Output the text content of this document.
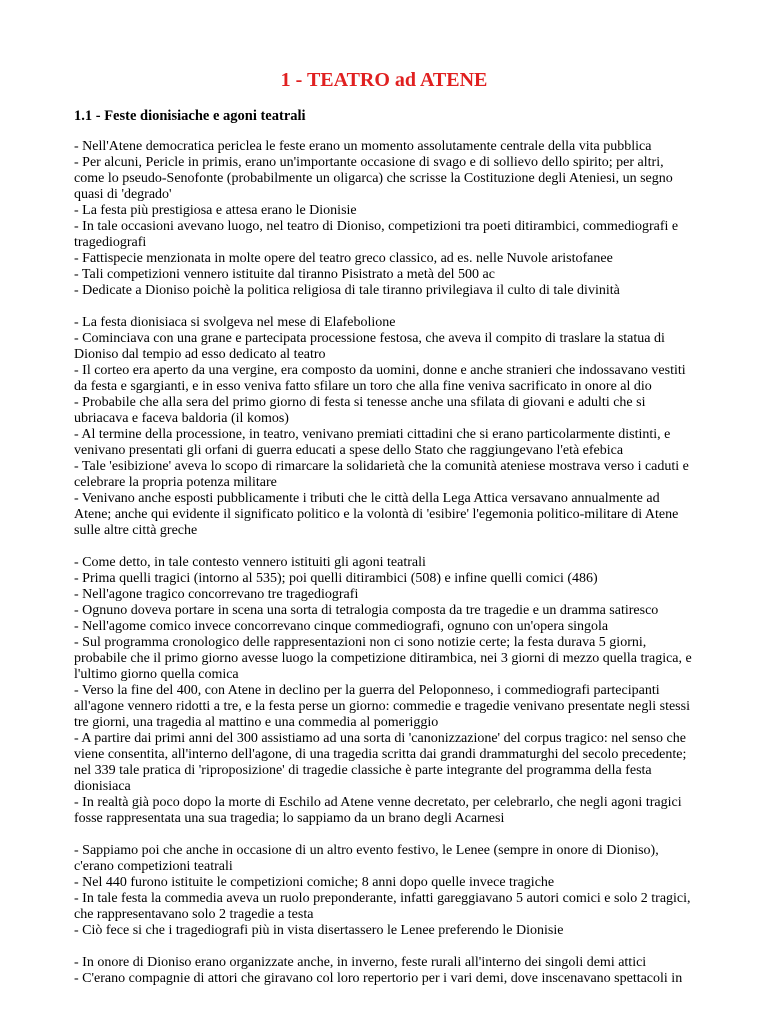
1 - TEATRO ad ATENE
1.1 - Feste dionisiache e agoni teatrali

- Nell'Atene democratica periclea le feste erano un momento assolutamente centrale della vita pubblica

- Per alcuni, Pericle in primis, erano un'importante occasione di svago e di sollievo dello spirito; per altri, come lo pseudo-Senofonte (probabilmente un oligarca) che scrisse la Costituzione degli Ateniesi, un segno quasi di 'degrado'

- La festa più prestigiosa e attesa erano le Dionisie

- In tale occasioni avevano luogo, nel teatro di Dioniso, competizioni tra poeti ditirambici, commediografi e tragediografi

- Fattispecie menzionata in molte opere del teatro greco classico, ad es. nelle Nuvole aristofanee

- Tali competizioni vennero istituite dal tiranno Pisistrato a metà del 500 ac

- Dedicate a Dioniso poichè la politica religiosa di tale tiranno privilegiava il culto di tale divinità

- La festa dionisiaca si svolgeva nel mese di Elafebolione

- Cominciava con una grane e partecipata processione festosa, che aveva il compito di traslare la statua di Dioniso dal tempio ad esso dedicato al teatro

- Il corteo era aperto da una vergine, era composto da uomini, donne e anche stranieri che indossavano vestiti da festa e sgargianti, e in esso veniva fatto sfilare un toro che alla fine veniva sacrificato in onore al dio

- Probabile che alla sera del primo giorno di festa si tenesse anche una sfilata di giovani e adulti che si ubriacava e faceva baldoria (il komos)

- Al termine della processione, in teatro, venivano premiati cittadini che si erano particolarmente distinti, e venivano presentati gli orfani di guerra educati a spese dello Stato che raggiungevano l'età efebica

- Tale 'esibizione' aveva lo scopo di rimarcare la solidarietà che la comunità ateniese mostrava verso i caduti e celebrare la propria potenza militare

- Venivano anche esposti pubblicamente i tributi che le città della Lega Attica versavano annualmente ad Atene; anche qui evidente il significato politico e la volontà di 'esibire' l'egemonia politico-militare di Atene sulle altre città greche

- Come detto, in tale contesto vennero istituiti gli agoni teatrali

- Prima quelli tragici (intorno al 535); poi quelli ditirambici (508) e infine quelli comici (486)

- Nell'agone tragico concorrevano tre tragediografi

- Ognuno doveva portare in scena una sorta di tetralogia composta da tre tragedie e un dramma satiresco

- Nell'agome comico invece concorrevano cinque commediografi, ognuno con un'opera singola

- Sul programma cronologico delle rappresentazioni non ci sono notizie certe; la festa durava 5 giorni, probabile che il primo giorno avesse luogo la competizione ditirambica, nei 3 giorni di mezzo quella tragica, e l'ultimo giorno quella comica

- Verso la fine del 400, con Atene in declino per la guerra del Peloponneso, i commediografi partecipanti all'agone vennero ridotti a tre, e la festa perse un giorno: commedie e tragedie venivano presentate negli stessi tre giorni, una tragedia al mattino e una commedia al pomeriggio

- A partire dai primi anni del 300 assistiamo ad una sorta di 'canonizzazione' del corpus tragico: nel senso che viene consentita, all'interno dell'agone, di una tragedia scritta dai grandi drammaturghi del secolo precedente; nel 339 tale pratica di 'riproposizione' di tragedie classiche è parte integrante del programma della festa dionisiaca

- In realtà già poco dopo la morte di Eschilo ad Atene venne decretato, per celebrarlo, che negli agoni tragici fosse rappresentata una sua tragedia; lo sappiamo da un brano degli Acarnesi

- Sappiamo poi che anche in occasione di un altro evento festivo, le Lenee (sempre in onore di Dioniso), c'erano competizioni teatrali

- Nel 440 furono istituite le competizioni comiche; 8 anni dopo quelle invece tragiche

- In tale festa la commedia aveva un ruolo preponderante, infatti gareggiavano 5 autori comici e solo 2 tragici, che rappresentavano solo 2 tragedie a testa

- Ciò fece si che i tragediografi più in vista disertassero le Lenee preferendo le Dionisie

- In onore di Dioniso erano organizzate anche, in inverno, feste rurali all'interno dei singoli demi attici

- C'erano compagnie di attori che giravano col loro repertorio per i vari demi, dove inscenavano spettacoli in
